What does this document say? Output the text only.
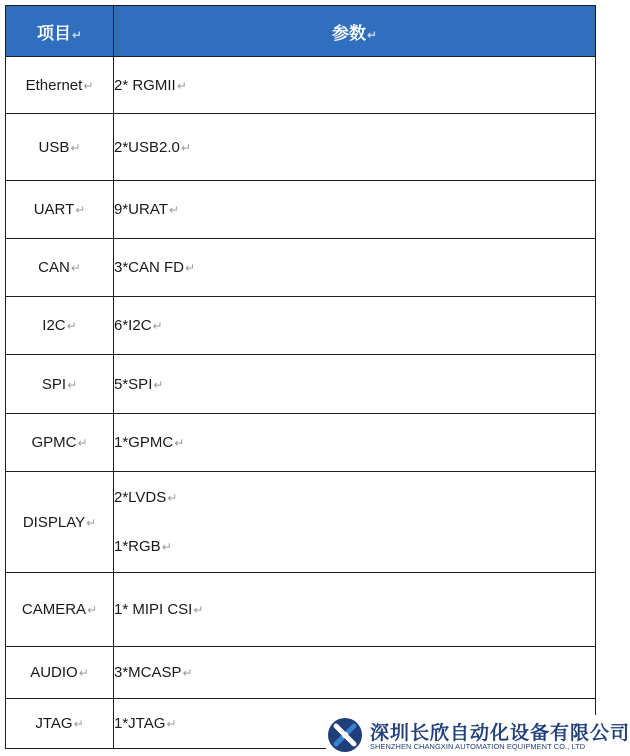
项目↵	参数↵
Ethernet↵	2* RGMII↵

USB↵	2*USB2.0↵

UART↵	9*URAT↵

CAN↵	3*CAN FD↵

I2C↵	6*I2C↵

SPI↵	5*SPI↵

GPMC↵	1*GPMC↵

DISPLAY↵	2*LVDS↵
1*RGB↵

CAMERA↵	1* MIPI CSI↵

AUDIO↵	3*MCASP↵

JTAG↵	1*JTAG↵	深圳长欣自动化设备有限公司
SHENZHEN CHANGXIN AUTOMATION EQUIPMENT CO., LTD
